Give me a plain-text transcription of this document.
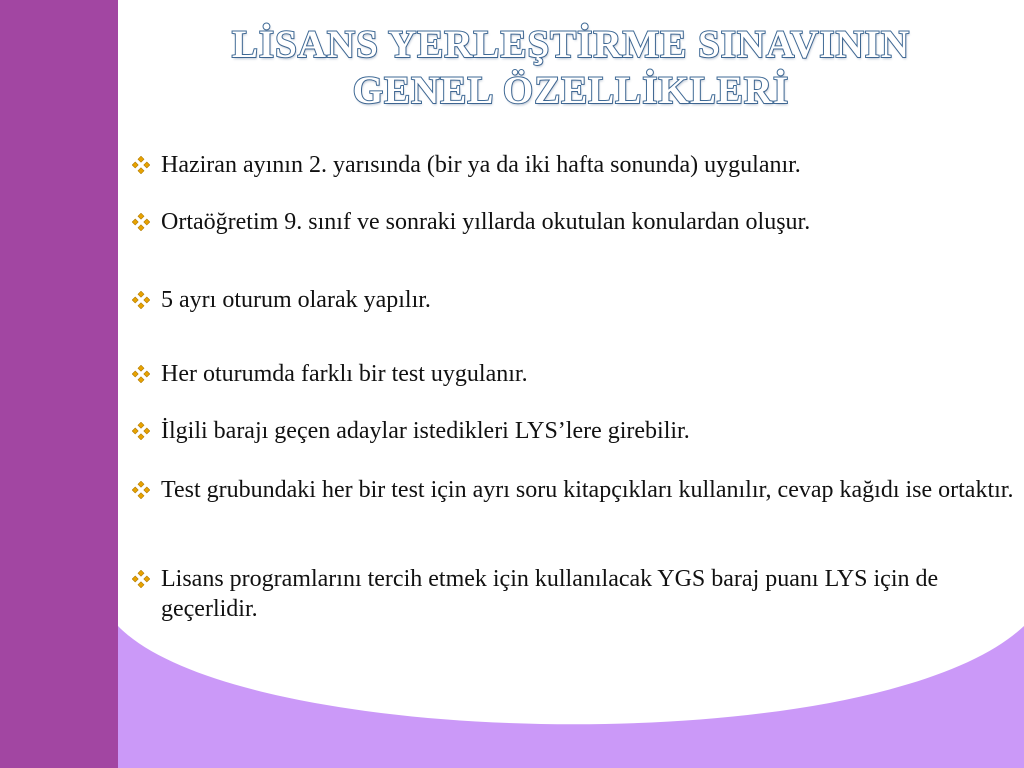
LİSANS YERLEŞTİRME SINAVININ
GENEL ÖZELLİKLERİ
Haziran ayının 2. yarısında (bir ya da iki hafta sonunda) uygulanır.
Ortaöğretim 9. sınıf ve sonraki yıllarda okutulan konulardan oluşur.
5 ayrı oturum olarak yapılır.
Her oturumda farklı bir test uygulanır.
İlgili barajı geçen adaylar istedikleri LYS’lere girebilir.
Test grubundaki her bir test için ayrı soru kitapçıkları kullanılır, cevap kağıdı ise ortaktır.
Lisans programlarını tercih etmek için kullanılacak YGS baraj puanı LYS için de geçerlidir.
